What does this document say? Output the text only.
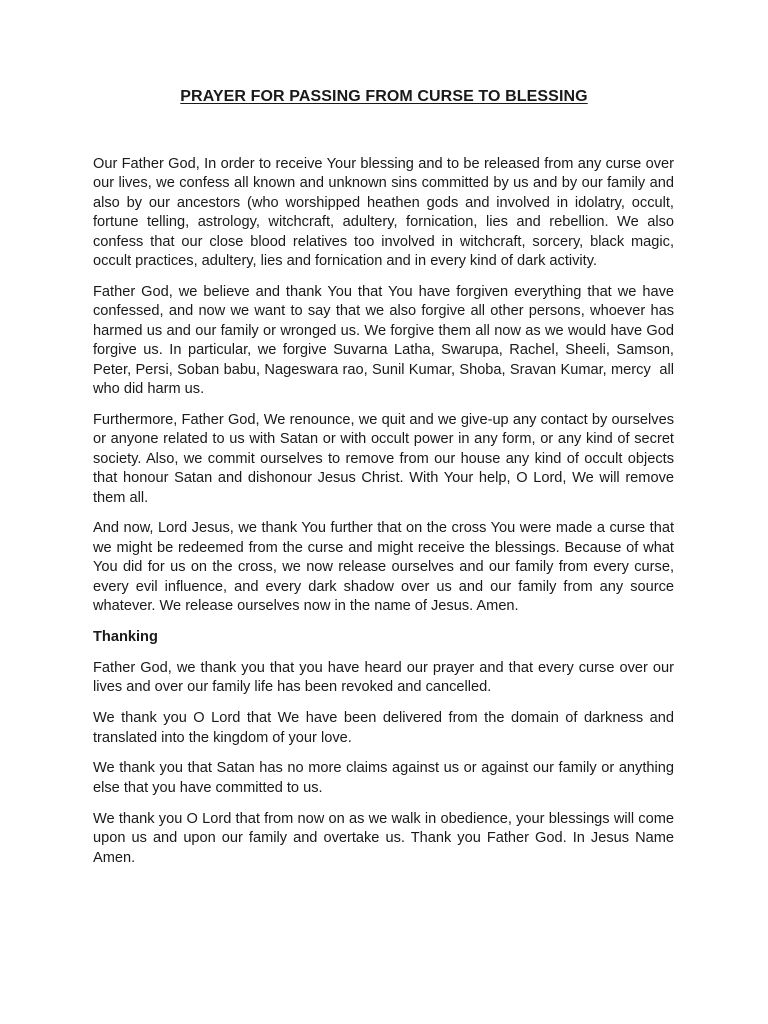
PRAYER FOR PASSING FROM CURSE TO BLESSING

Our Father God, In order to receive Your blessing and to be released from any curse over our lives, we confess all known and unknown sins committed by us and by our family and also by our ancestors (who worshipped heathen gods and involved in idolatry, occult, fortune telling, astrology, witchcraft, adultery, fornication, lies and rebellion. We also confess that our close blood relatives too involved in witchcraft, sorcery, black magic, occult practices, adultery, lies and fornication and in every kind of dark activity.

Father God, we believe and thank You that You have forgiven everything that we have confessed, and now we want to say that we also forgive all other persons, whoever has harmed us and our family or wronged us. We forgive them all now as we would have God forgive us. In particular, we forgive Suvarna Latha, Swarupa, Rachel, Sheeli, Samson, Peter, Persi, Soban babu, Nageswara rao, Sunil Kumar, Shoba, Sravan Kumar, mercy  all who did harm us.

Furthermore, Father God, We renounce, we quit and we give-up any contact by ourselves or anyone related to us with Satan or with occult power in any form, or any kind of secret society. Also, we commit ourselves to remove from our house any kind of occult objects that honour Satan and dishonour Jesus Christ. With Your help, O Lord, We will remove them all.

And now, Lord Jesus, we thank You further that on the cross You were made a curse that we might be redeemed from the curse and might receive the blessings. Because of what You did for us on the cross, we now release ourselves and our family from every curse, every evil influence, and every dark shadow over us and our family from any source whatever. We release ourselves now in the name of Jesus. Amen.

Thanking

Father God, we thank you that you have heard our prayer and that every curse over our lives and over our family life has been revoked and cancelled.

We thank you O Lord that We have been delivered from the domain of darkness and translated into the kingdom of your love.

We thank you that Satan has no more claims against us or against our family or anything else that you have committed to us.

We thank you O Lord that from now on as we walk in obedience, your blessings will come upon us and upon our family and overtake us. Thank you Father God. In Jesus Name Amen.
